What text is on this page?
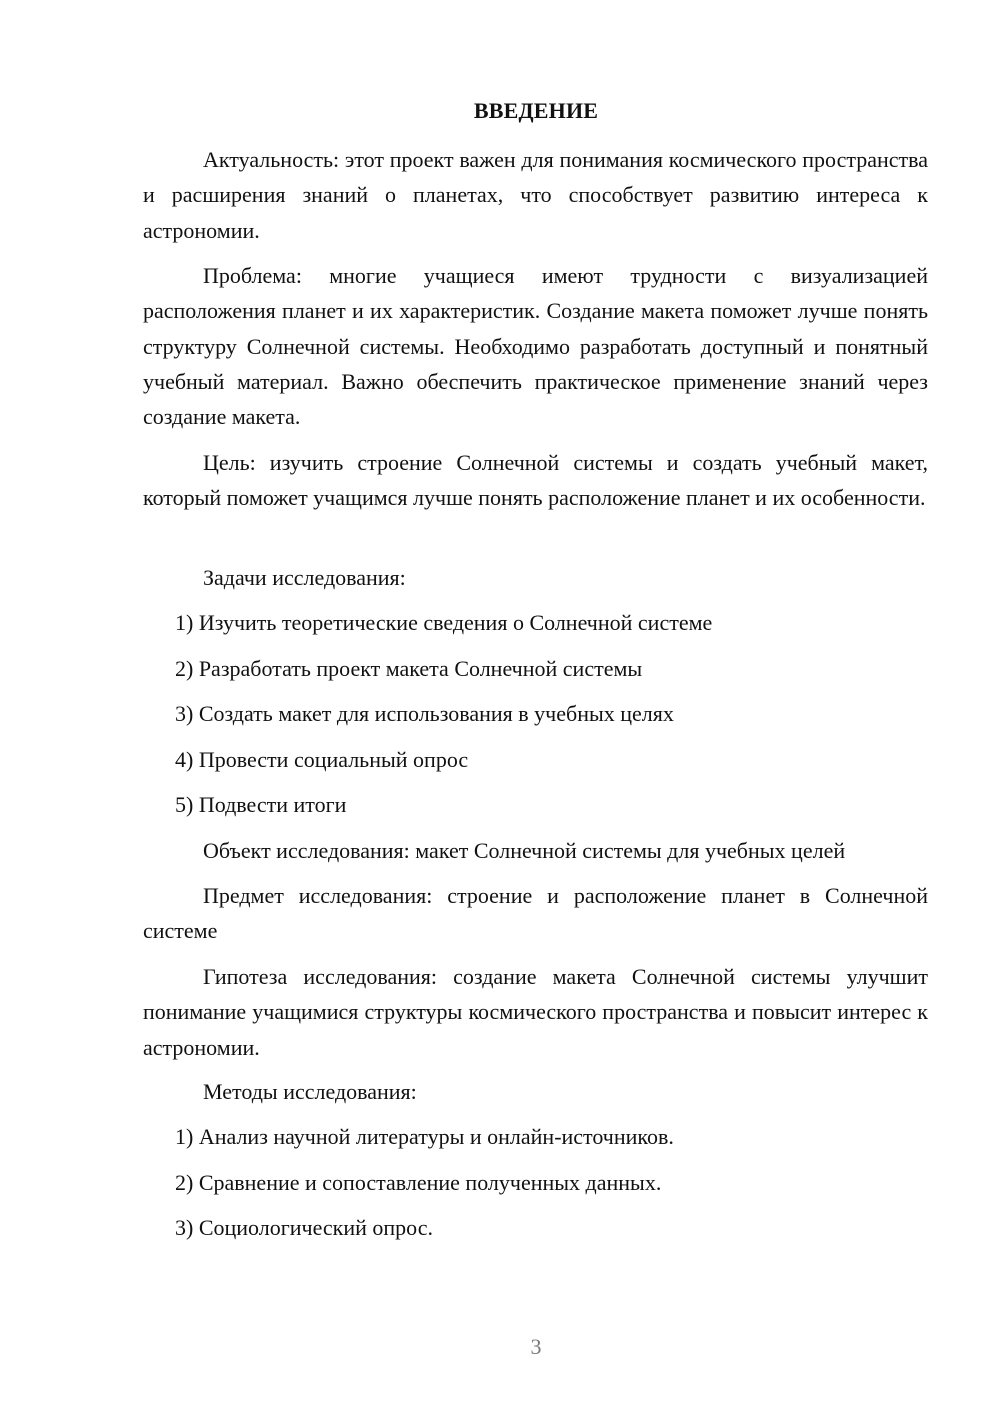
ВВЕДЕНИЕ

Актуальность: этот проект важен для понимания космического пространства и расширения знаний о планетах, что способствует развитию интереса к астрономии.

Проблема: многие учащиеся имеют трудности с визуализацией расположения планет и их характеристик. Создание макета поможет лучше понять структуру Солнечной системы. Необходимо разработать доступный и понятный учебный материал. Важно обеспечить практическое применение знаний через создание макета.

Цель: изучить строение Солнечной системы и создать учебный макет, который поможет учащимся лучше понять расположение планет и их особенности.

Задачи исследования:
1) Изучить теоретические сведения о Солнечной системе
2) Разработать проект макета Солнечной системы
3) Создать макет для использования в учебных целях
4) Провести социальный опрос
5) Подвести итоги
Объект исследования: макет Солнечной системы для учебных целей

Предмет исследования: строение и расположение планет в Солнечной системе

Гипотеза исследования: создание макета Солнечной системы улучшит понимание учащимися структуры космического пространства и повысит интерес к астрономии.

Методы исследования:
1) Анализ научной литературы и онлайн-источников.
2) Сравнение и сопоставление полученных данных.
3) Социологический опрос.
3
